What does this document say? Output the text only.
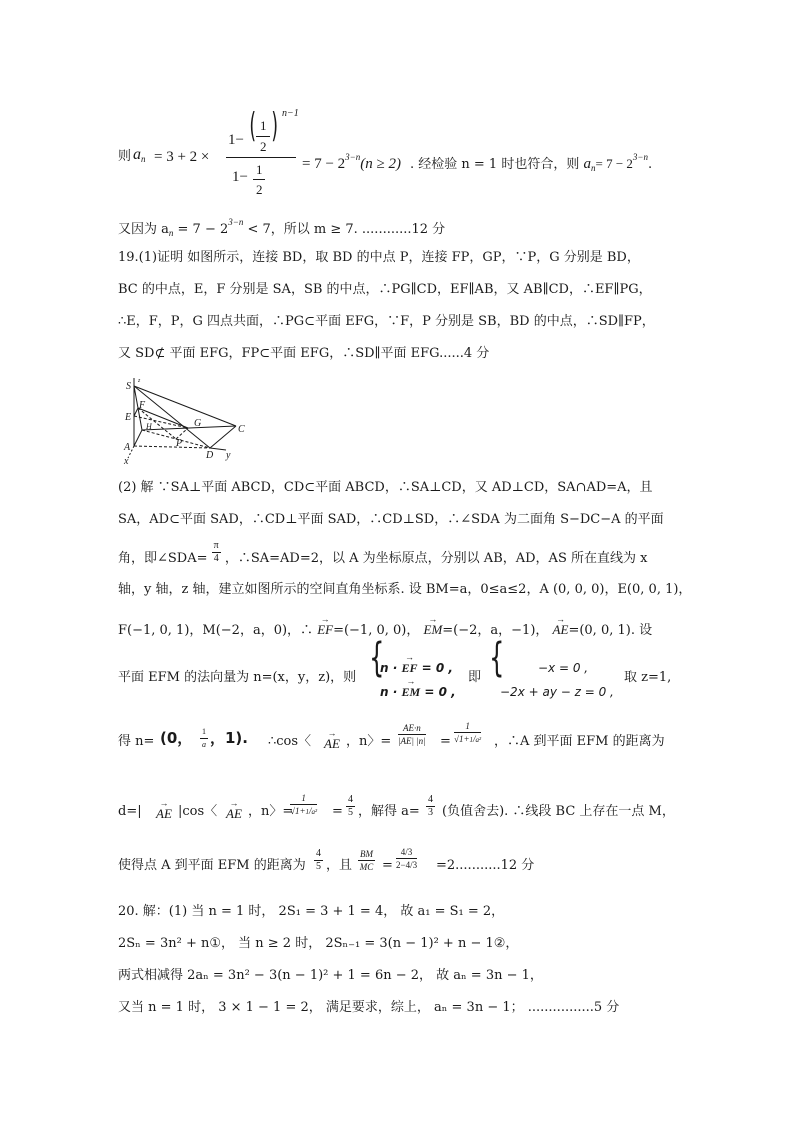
则 $a_n = 3 + 2$ ×
1− ( 1
2
) n−1
1− 1
2
= $7 - 2^{3-n}(n \ge 2)$ . 经检验 n = 1 时也符合，则 $a_n= 7 - 2^{3-n}$.
又因为 $a_n = 7 - 2^{3-n} < 7$，所以 m ≥ 7. ............12 分
19.(1)证明 如图所示，连接 BD，取 BD 的中点 P，连接 FP，GP，∵P，G 分别是 BD，
BC 的中点，E，F 分别是 SA，SB 的中点，∴PG∥CD，EF∥AB，又 AB∥CD，∴EF∥PG，
∴E，F，P，G 四点共面，∴PG⊂平面 EFG，∵F，P 分别是 SB，BD 的中点，∴SD∥FP，
又 SD⊄ 平面 EFG，FP⊂平面 EFG，∴SD∥平面 EFG......4 分
S z
E
F
H	G
C
A	P
D
x
y
(2) 解 ∵SA⊥平面 ABCD，CD⊂平面 ABCD，∴SA⊥CD，又 AD⊥CD，SA∩AD=A，且
SA，AD⊂平面 SAD，∴CD⊥平面 SAD，∴CD⊥SD，∴∠SDA 为二面角 S−DC−A 的平面
角，即∠SDA= $\frac{\pi}{4}$ ，∴SA=AD=2，以 A 为坐标原点，分别以 AB，AD，AS 所在直线为 x
轴，y 轴，z 轴，建立如图所示的空间直角坐标系. 设 BM=a，0≤a≤2，A (0, 0, 0)，E(0, 0, 1)，
F(−1, 0, 1)，M(−2，a，0)，∴ → EF=(−1, 0, 0)， → EM=(−2，a，−1)， → AE=(0, 0, 1). 设
平面 EFM 的法向量为 n=(x，y，z)，则 {
n · → EF = 0 ,
n · → EM = 0 ,
即 {	−x = 0 ,
−2x + ay − z = 0 ,
取 z=1,
得 n= (0， $\frac{1}{a}$ ，1). ∴cos〈 → AE ，n〉= $\frac{AE\cdot n}{|AE| |n|} = \frac{1}{\text{√1+1/a²}}$ ，∴A 到平面 EFM 的距离为
d=| → AE |cos〈 → AE ，n〉=
$\frac{1}{\text{√1+1/a²}} = \frac{4}{5}$ ，解得 $a= \frac{4}{3}$ (负值舍去). ∴线段 BC 上存在一点 M，
使得点 A 到平面 EFM 的距离为 $\frac{4}{5}$ ，且 $\frac{BM}{MC} = \frac{4/3}{2-4/3} =2...........12$ 分
20. 解：(1) 当 n = 1 时， 2S₁ = 3 + 1 = 4， 故 a₁ = S₁ = 2，
2Sₙ = 3n² + n①， 当 n ≥ 2 时， 2Sₙ₋₁ = 3(n − 1)² + n − 1②，
两式相减得 2aₙ = 3n² − 3(n − 1)² + 1 = 6n − 2， 故 aₙ = 3n − 1，
又当 n = 1 时， 3 × 1 − 1 = 2， 满足要求，综上， aₙ = 3n − 1； ................5 分
